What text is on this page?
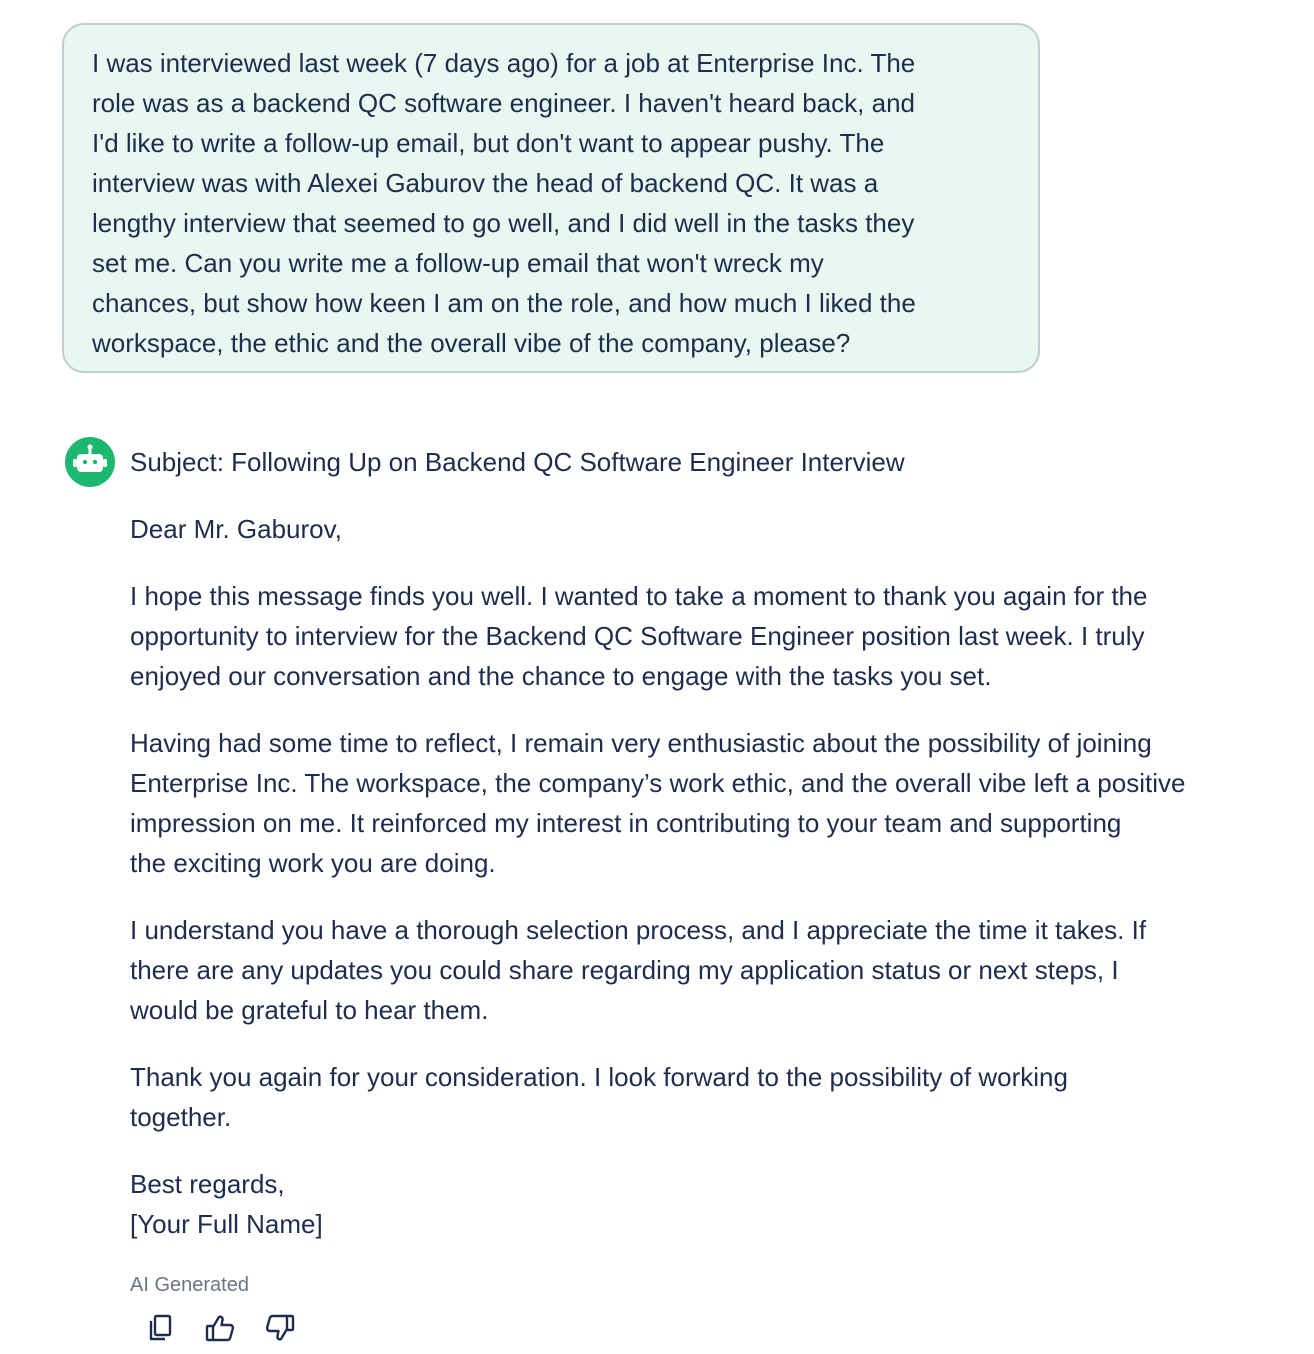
I was interviewed last week (7 days ago) for a job at Enterprise Inc. The
role was as a backend QC software engineer. I haven't heard back, and
I'd like to write a follow-up email, but don't want to appear pushy. The
interview was with Alexei Gaburov the head of backend QC. It was a
lengthy interview that seemed to go well, and I did well in the tasks they
set me. Can you write me a follow-up email that won't wreck my
chances, but show how keen I am on the role, and how much I liked the
workspace, the ethic and the overall vibe of the company, please?

Subject: Following Up on Backend QC Software Engineer Interview

Dear Mr. Gaburov,

I hope this message finds you well. I wanted to take a moment to thank you again for the
opportunity to interview for the Backend QC Software Engineer position last week. I truly
enjoyed our conversation and the chance to engage with the tasks you set.

Having had some time to reflect, I remain very enthusiastic about the possibility of joining
Enterprise Inc. The workspace, the company’s work ethic, and the overall vibe left a positive
impression on me. It reinforced my interest in contributing to your team and supporting
the exciting work you are doing.

I understand you have a thorough selection process, and I appreciate the time it takes. If
there are any updates you could share regarding my application status or next steps, I
would be grateful to hear them.

Thank you again for your consideration. I look forward to the possibility of working
together.

Best regards,
[Your Full Name]

AI Generated
